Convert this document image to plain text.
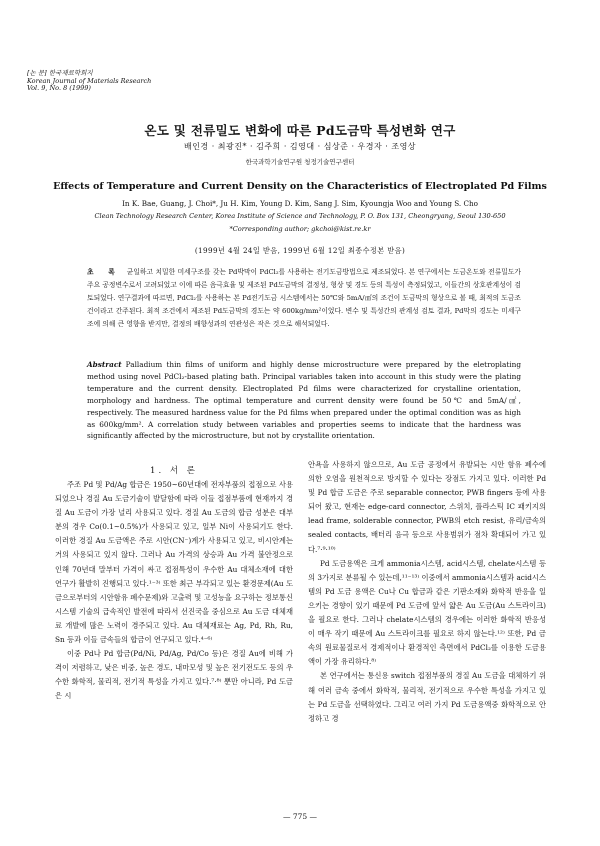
[논 문] 한국재료학회지
Korean Journal of Materials Research
Vol. 9, No. 8 (1999)
온도 및 전류밀도 변화에 따른 Pd도금막 특성변화 연구
배인경 · 최광진* · 김주희 · 김영대 · 심상준 · 우경자 · 조영상
한국과학기술연구원 청정기술연구센터
Effects of Temperature and Current Density on the Characteristics of Electroplated Pd Films
In K. Bae, Guang, J. Choi*, Ju H. Kim, Young D. Kim, Sang J. Sim, Kyoungja Woo and Young S. Cho
Clean Technology Research Center, Korea Institute of Science and Technology, P. O. Box 131, Cheongryang, Seoul 130-650
*Corresponding author; gkchoi@kist.re.kr
(1999년 4월 24일 받음, 1999년 6월 12일 최종수정본 받음)
초 록 균일하고 치밀한 미세구조를 갖는 Pd박막이 PdCl₂를 사용하는 전기도금방법으로 제조되었다. 본 연구에서는 도금온도와 전류밀도가 주요 공정변수로서 고려되었고 이에 따른 음극효율 및 제조된 Pd도금막의 결정성, 형상 및 경도 등의 특성이 측정되었고, 이들간의 상호관계성이 검토되었다. 연구결과에 따르면, PdCl₂를 사용하는 본 Pd전기도금 시스템에서는 50℃와 5mA/㎠의 조건이 도금막의 형상으로 볼 때, 최적의 도금조건이라고 간주된다. 최적 조건에서 제조된 Pd도금막의 경도는 약 600kg/mm²이었다. 변수 및 특성간의 관계성 검토 결과, Pd막의 경도는 미세구조에 의해 큰 영향을 받지만, 결정의 배향성과의 연관성은 작은 것으로 해석되었다.
Abstract Palladium thin films of uniform and highly dense microstructure were prepared by the eletroplating method using novel PdCl₂-based plating bath. Principal variables taken into account in this study were the plating temperature and the current density. Electroplated Pd films were characterized for crystalline orientation, morphology and hardness. The optimal temperature and current density were found be 50℃ and 5mA/㎠, respectively. The measured hardness value for the Pd films when prepared under the optimal condition was as high as 600kg/mm². A correlation study between variables and properties seems to indicate that the hardness was significantly affected by the microstructure, but not by crystallite orientation.
1. 서 론

주조 Pd 및 Pd/Ag 합금은 1950~60년대에 전자부품의 접점으로 사용되었으나 경질 Au 도금기술이 발달함에 따라 이들 접점부품에 현재까지 경질 Au 도금이 가장 널리 사용되고 있다. 경질 Au 도금의 합금 성분은 대부분의 경우 Co(0.1~0.5%)가 사용되고 있고, 일부 Ni이 사용되기도 한다. 이러한 경질 Au 도금액은 주로 시안(CN⁻)계가 사용되고 있고, 비시안계는 거의 사용되고 있지 않다. 그러나 Au 가격의 상승과 Au 가격 불안정으로 인해 70년대 말부터 가격이 싸고 접점특성이 우수한 Au 대체소재에 대한 연구가 활발히 진행되고 있다.¹⁻³⁾ 또한 최근 부각되고 있는 환경문제(Au 도금으로부터의 시안함유 폐수문제)와 고출력 및 고성능을 요구하는 정보통신 시스템 기술의 급속적인 발전에 따라서 선진국을 중심으로 Au 도금 대체재료 개발에 많은 노력이 경주되고 있다. Au 대체재료는 Ag, Pd, Rh, Ru, Sn 등과 이들 금속들의 합금이 연구되고 있다.⁴⁻⁶⁾

이중 Pd나 Pd 합금(Pd/Ni, Pd/Ag, Pd/Co 등)은 경질 Au에 비해 가격이 저렴하고, 낮은 비중, 높은 경도, 내마모성 및 높은 전기전도도 등의 우수한 화학적, 물리적, 전기적 특성을 가지고 있다.⁷·⁸⁾ 뿐만 아니라, Pd 도금은 시

안욕을 사용하지 않으므로, Au 도금 공정에서 유발되는 시안 함유 폐수에 의한 오염을 원천적으로 방지할 수 있다는 장점도 가지고 있다. 이러한 Pd 및 Pd 합금 도금은 주로 separable connector, PWB fingers 등에 사용되어 왔고, 현재는 edge-card connector, 스위치, 플라스틱 IC 패키지의 lead frame, solderable connector, PWB의 etch resist, 유리/금속의 sealed contacts, 배터리 음극 등으로 사용범위가 점차 확대되어 가고 있다.⁷·⁹·¹⁰⁾

Pd 도금용액은 크게 ammonia시스템, acid시스템, chelate시스템 등의 3가지로 분류될 수 있는데,¹¹⁻¹³⁾ 이중에서 ammonia시스템과 acid시스템의 Pd 도금 용액은 Cu나 Cu 합금과 같은 기판소재와 화학적 반응을 일으키는 경향이 있기 때문에 Pd 도금에 앞서 얇은 Au 도금(Au 스트라이크)을 필요로 한다. 그러나 chelate시스템의 경우에는 이러한 화학적 반응성이 매우 작기 때문에 Au 스트라이크를 필요로 하지 않는다.¹²⁾ 또한, Pd 금속의 원료물질로서 경제적이나 환경적인 측면에서 PdCl₂를 이용한 도금용액이 가장 유리하다.⁸⁾

본 연구에서는 통신용 switch 접점부품의 경질 Au 도금을 대체하기 위해 여러 금속 중에서 화학적, 물리적, 전기적으로 우수한 특성을 가지고 있는 Pd 도금을 선택하였다. 그리고 여러 가지 Pd 도금용액중 화학적으로 안정하고 경

— 775 —
